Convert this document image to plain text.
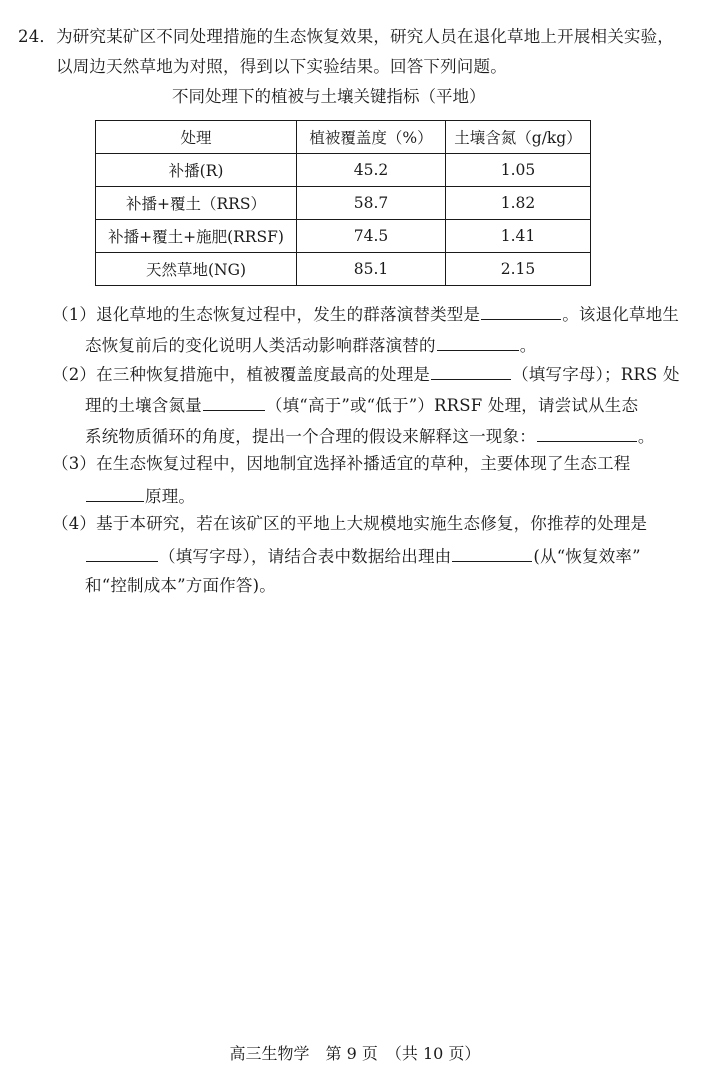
24．为研究某矿区不同处理措施的生态恢复效果，研究人员在退化草地上开展相关实验，
以周边天然草地为对照，得到以下实验结果。回答下列问题。
不同处理下的植被与土壤关键指标（平地）
处理	植被覆盖度（%）	土壤含氮（g/kg）
补播(R)	45.2	1.05
补播+覆土（RRS）	58.7	1.82
补播+覆土+施肥(RRSF)	74.5	1.41
天然草地(NG)	85.1	2.15
（1）退化草地的生态恢复过程中，发生的群落演替类型是	。该退化草地生
态恢复前后的变化说明人类活动影响群落演替的	。
（2）在三种恢复措施中，植被覆盖度最高的处理是	（填写字母）；RRS 处
理的土壤含氮量	（填“高于”或“低于”）RRSF 处理，请尝试从生态
系统物质循环的角度，提出一个合理的假设来解释这一现象：	。
（3）在生态恢复过程中，因地制宜选择补播适宜的草种，主要体现了生态工程
原理。
（4）基于本研究，若在该矿区的平地上大规模地实施生态修复，你推荐的处理是
（填写字母），请结合表中数据给出理由	(从“恢复效率”
和“控制成本”方面作答)。
高三生物学　第 9 页　（共 10 页）
